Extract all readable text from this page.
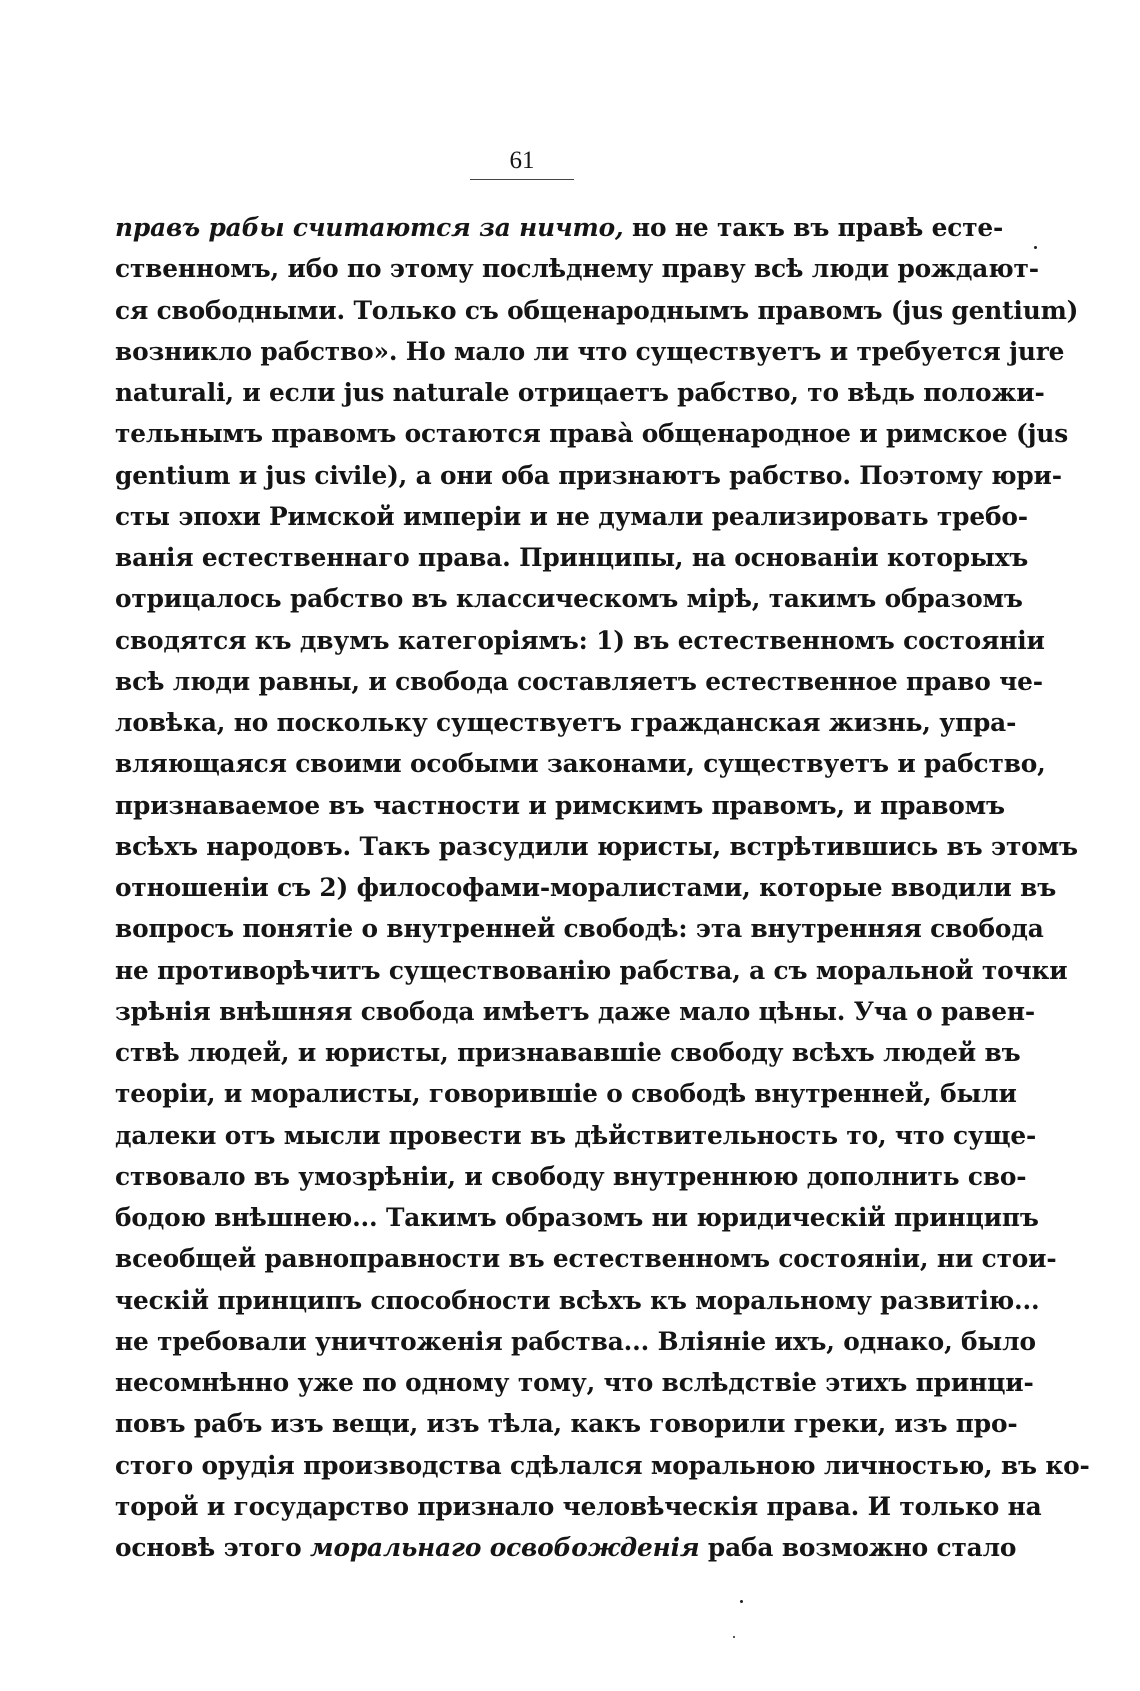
61
правъ рабы считаются за ничто, но не такъ въ правѣ есте-
ственномъ, ибо по этому послѣднему праву всѣ люди рождают-
ся свободными. Только съ общенароднымъ правомъ (jus gentium)
возникло рабство». Но мало ли что существуетъ и требуется jure
naturali, и если jus naturale отрицаетъ рабство, то вѣдь положи-
тельнымъ правомъ остаются права̀ общенародное и римское (jus
gentium и jus civile), а они оба признаютъ рабство. Поэтому юри-
сты эпохи Римской имперіи и не думали реализировать требо-
ванія естественнаго права. Принципы, на основаніи которыхъ
отрицалось рабство въ классическомъ мірѣ, такимъ образомъ
сводятся къ двумъ категоріямъ: 1) въ естественномъ состояніи
всѣ люди равны, и свобода составляетъ естественное право че-
ловѣка, но поскольку существуетъ гражданская жизнь, упра-
вляющаяся своими особыми законами, существуетъ и рабство,
признаваемое въ частности и римскимъ правомъ, и правомъ
всѣхъ народовъ. Такъ разсудили юристы, встрѣтившись въ этомъ
отношеніи съ 2) философами-моралистами, которые вводили въ
вопросъ понятіе о внутренней свободѣ: эта внутренняя свобода
не противорѣчитъ существованію рабства, а съ моральной точки
зрѣнія внѣшняя свобода имѣетъ даже мало цѣны. Уча о равен-
ствѣ людей, и юристы, признававшіе свободу всѣхъ людей въ
теоріи, и моралисты, говорившіе о свободѣ внутренней, были
далеки отъ мысли провести въ дѣйствительность то, что суще-
ствовало въ умозрѣніи, и свободу внутреннюю дополнить сво-
бодою внѣшнею... Такимъ образомъ ни юридическій принципъ
всеобщей равноправности въ естественномъ состояніи, ни стои-
ческій принципъ способности всѣхъ къ моральному развитію...
не требовали уничтоженія рабства... Вліяніе ихъ, однако, было
несомнѣнно уже по одному тому, что вслѣдствіе этихъ принци-
повъ рабъ изъ вещи, изъ тѣла, какъ говорили греки, изъ про-
стого орудія производства сдѣлался моральною личностью, въ ко-
торой и государство признало человѣческія права. И только на
основѣ этого моральнаго освобожденія раба возможно стало
